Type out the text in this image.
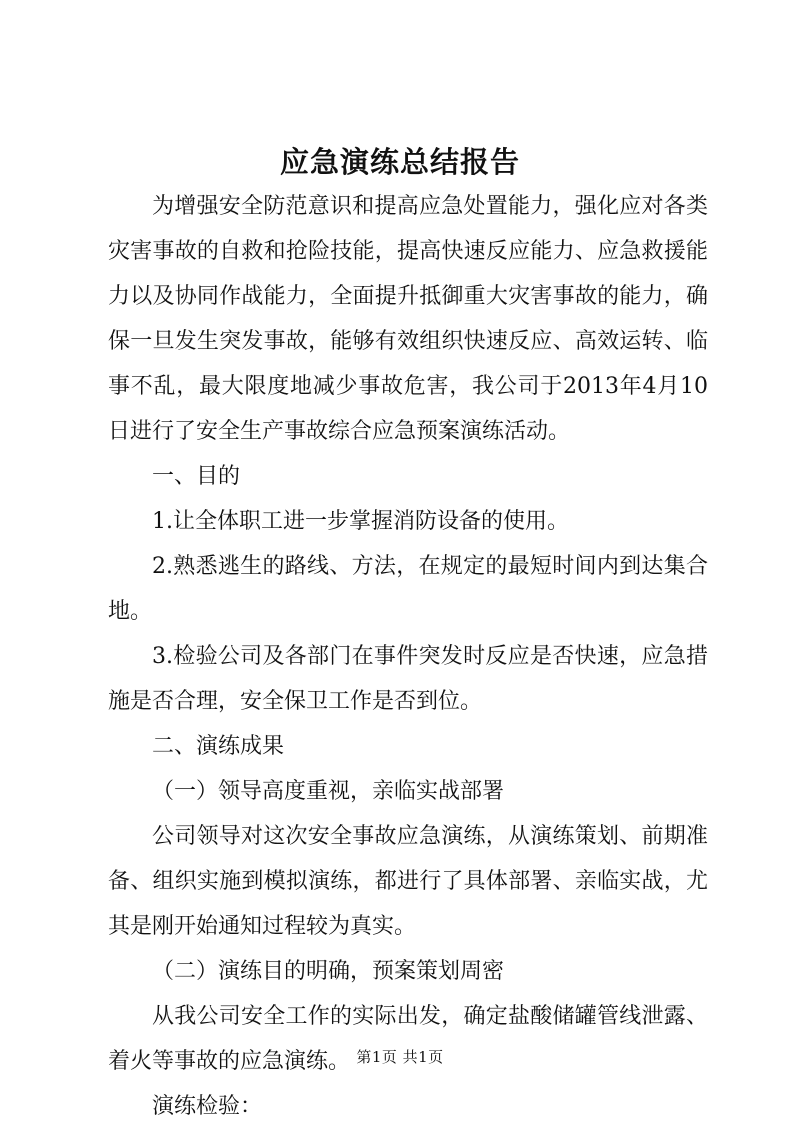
应急演练总结报告

为增强安全防范意识和提高应急处置能力，强化应对各类灾害事故的自救和抢险技能，提高快速反应能力、应急救援能力以及协同作战能力，全面提升抵御重大灾害事故的能力，确保一旦发生突发事故，能够有效组织快速反应、高效运转、临事不乱，最大限度地减少事故危害，我公司于2013年4月10日进行了安全生产事故综合应急预案演练活动。

一、目的

1.让全体职工进一步掌握消防设备的使用。

2.熟悉逃生的路线、方法，在规定的最短时间内到达集合地。

3.检验公司及各部门在事件突发时反应是否快速，应急措施是否合理，安全保卫工作是否到位。

二、演练成果

（一）领导高度重视，亲临实战部署

公司领导对这次安全事故应急演练，从演练策划、前期准备、组织实施到模拟演练，都进行了具体部署、亲临实战，尤其是刚开始通知过程较为真实。

（二）演练目的明确，预案策划周密

从我公司安全工作的实际出发，确定盐酸储罐管线泄露、着火等事故的应急演练。

演练检验：

第1页 共1页
